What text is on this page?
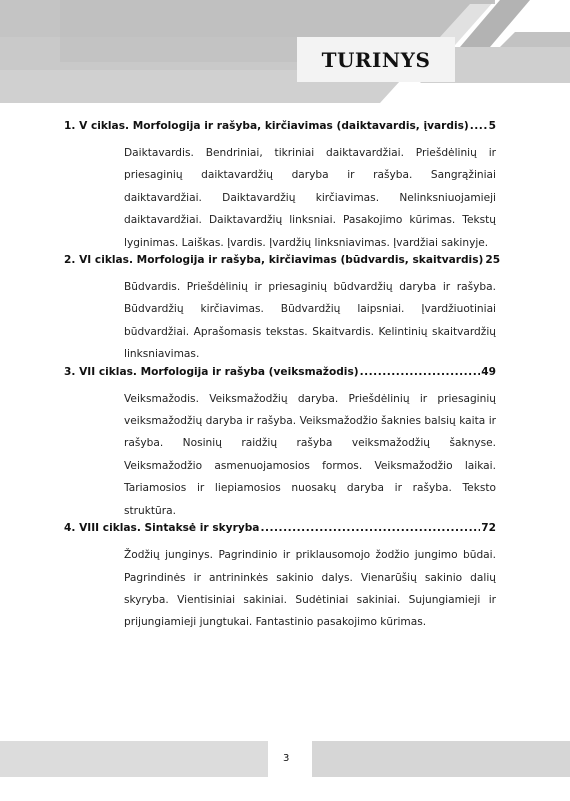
TURINYS
1. V ciklas. Morfologija ir rašyba, kirčiavimas (daiktavardis, įvardis) ..... 5
Daiktavardis. Bendriniai, tikriniai daiktavardžiai. Priešdėlinių ir priesaginių daiktavardžių daryba ir rašyba. Sangrąžiniai daiktavardžiai. Daiktavardžių kirčiavimas. Nelinksniuojamieji daiktavardžiai. Daiktavardžių linksniai. Pasakojimo kūrimas. Tekstų lyginimas. Laiškas. Įvardis. Įvardžių linksniavimas. Įvardžiai sakinyje.
2. VI ciklas. Morfologija ir rašyba, kirčiavimas (būdvardis, skaitvardis) 25
Būdvardis. Priešdėlinių ir priesaginių būdvardžių daryba ir rašyba. Būdvardžių kirčiavimas. Būdvardžių laipsniai. Įvardžiuotiniai būdvardžiai. Aprašomasis tekstas. Skaitvardis. Kelintinių skaitvardžių linksniavimas.
3. VII ciklas. Morfologija ir rašyba (veiksmažodis) .....	49
Veiksmažodis. Veiksmažodžių daryba. Priešdėlinių ir priesaginių veiksmažodžių daryba ir rašyba. Veiksmažodžio šaknies balsių kaita ir rašyba. Nosinių raidžių rašyba veiksmažodžių šaknyse. Veiksmažodžio asmenuojamosios formos. Veiksmažodžio laikai. Tariamosios ir liepiamosios nuosakų daryba ir rašyba. Teksto struktūra.
4. VIII ciklas. Sintaksė ir skyryba .....	72
Žodžių junginys. Pagrindinio ir priklausomojo žodžio jungimo būdai. Pagrindinės ir antrininkės sakinio dalys. Vienarūšių sakinio dalių skyryba. Vientisiniai sakiniai. Sudėtiniai sakiniai. Sujungiamieji ir prijungiamieji jungtukai. Fantastinio pasakojimo kūrimas.
3
